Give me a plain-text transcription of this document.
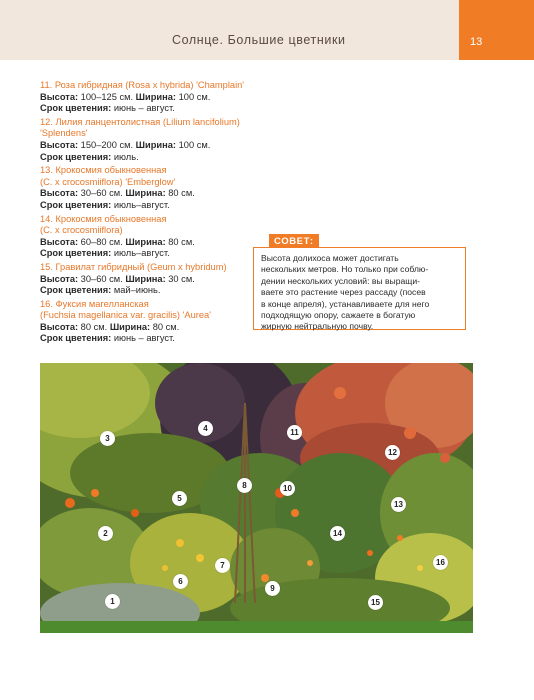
Солнце. Большие цветники	13
11. Роза гибридная (Rosa x hybrida) 'Champlain'
Высота: 100–125 см. Ширина: 100 см.
Срок цветения: июнь – август.
12. Лилия ланцентолистная (Lilium lancifolium)
'Splendens'
Высота: 150–200 см. Ширина: 100 см.
Срок цветения: июль.
13. Крокосмия обыкновенная
(C. x crocosmiiflora) 'Emberglow'
Высота: 30–60 см. Ширина: 80 см.
Срок цветения: июль–август.
14. Крокосмия обыкновенная
(C. x crocosmiiflora)
Высота: 60–80 см. Ширина: 80 см.
Срок цветения: июль–август.
15. Гравилат гибридный (Geum x hybridum)
Высота: 30–60 см. Ширина: 30 см.
Срок цветения: май–июнь.
16. Фуксия магелланская
(Fuchsia magellanica var. gracilis) 'Aurea'
Высота: 80 см. Ширина: 80 см.
Срок цветения: июнь – август.
СОВЕТ:
Высота долихоса может достигать
нескольких метров. Но только при соблю-
дении нескольких условий: вы выращи-
ваете это растение через рассаду (посев
в конце апреля), устанавливаете для него
подходящую опору, сажаете в богатую
жирную нейтральную почву.
1
2
3
4
5
6
7
8
9
10
11
12
13
14
15
16
